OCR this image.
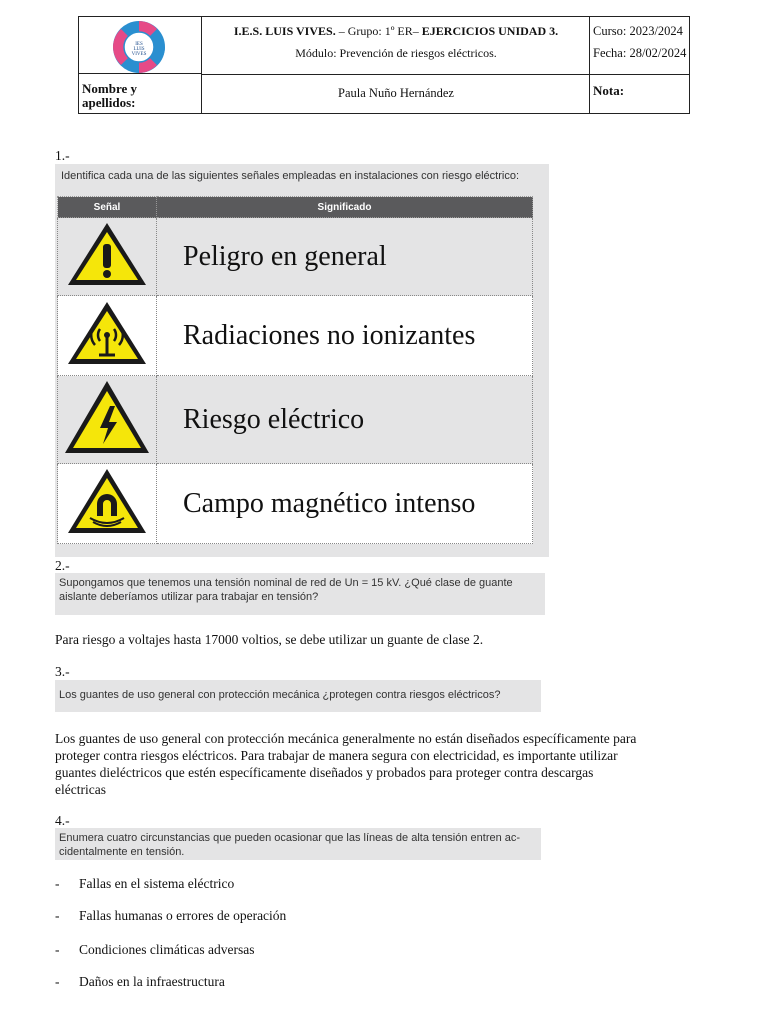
IES
LUIS
VIVES
I.E.S. LUIS VIVES. – Grupo: 1º ER– EJERCICIOS UNIDAD 3.
Módulo: Prevención de riesgos eléctricos.
Curso: 2023/2024
Fecha: 28/02/2024
Nombre y apellidos:
Paula Nuño Hernández	Nota:
1.-
Identifica cada una de las siguientes señales empleadas en instalaciones con riesgo eléctrico:
Señal	Significado
	Peligro en general
	Radiaciones no ionizantes
	Riesgo eléctrico
	Campo magnético intenso
2.-
Supongamos que tenemos una tensión nominal de red de Un = 15 kV. ¿Qué clase de guante
aislante deberíamos utilizar para trabajar en tensión?
Para riesgo a voltajes hasta 17000 voltios, se debe utilizar un guante de clase 2.
3.-
Los guantes de uso general con protección mecánica ¿protegen contra riesgos eléctricos?
Los guantes de uso general con protección mecánica generalmente no están diseñados específicamente para
proteger contra riesgos eléctricos. Para trabajar de manera segura con electricidad, es importante utilizar
guantes dieléctricos que estén específicamente diseñados y probados para proteger contra descargas
eléctricas
4.-
Enumera cuatro circunstancias que pueden ocasionar que las líneas de alta tensión entren ac-
cidentalmente en tensión.
- Fallas en el sistema eléctrico
- Fallas humanas o errores de operación
- Condiciones climáticas adversas
- Daños en la infraestructura
